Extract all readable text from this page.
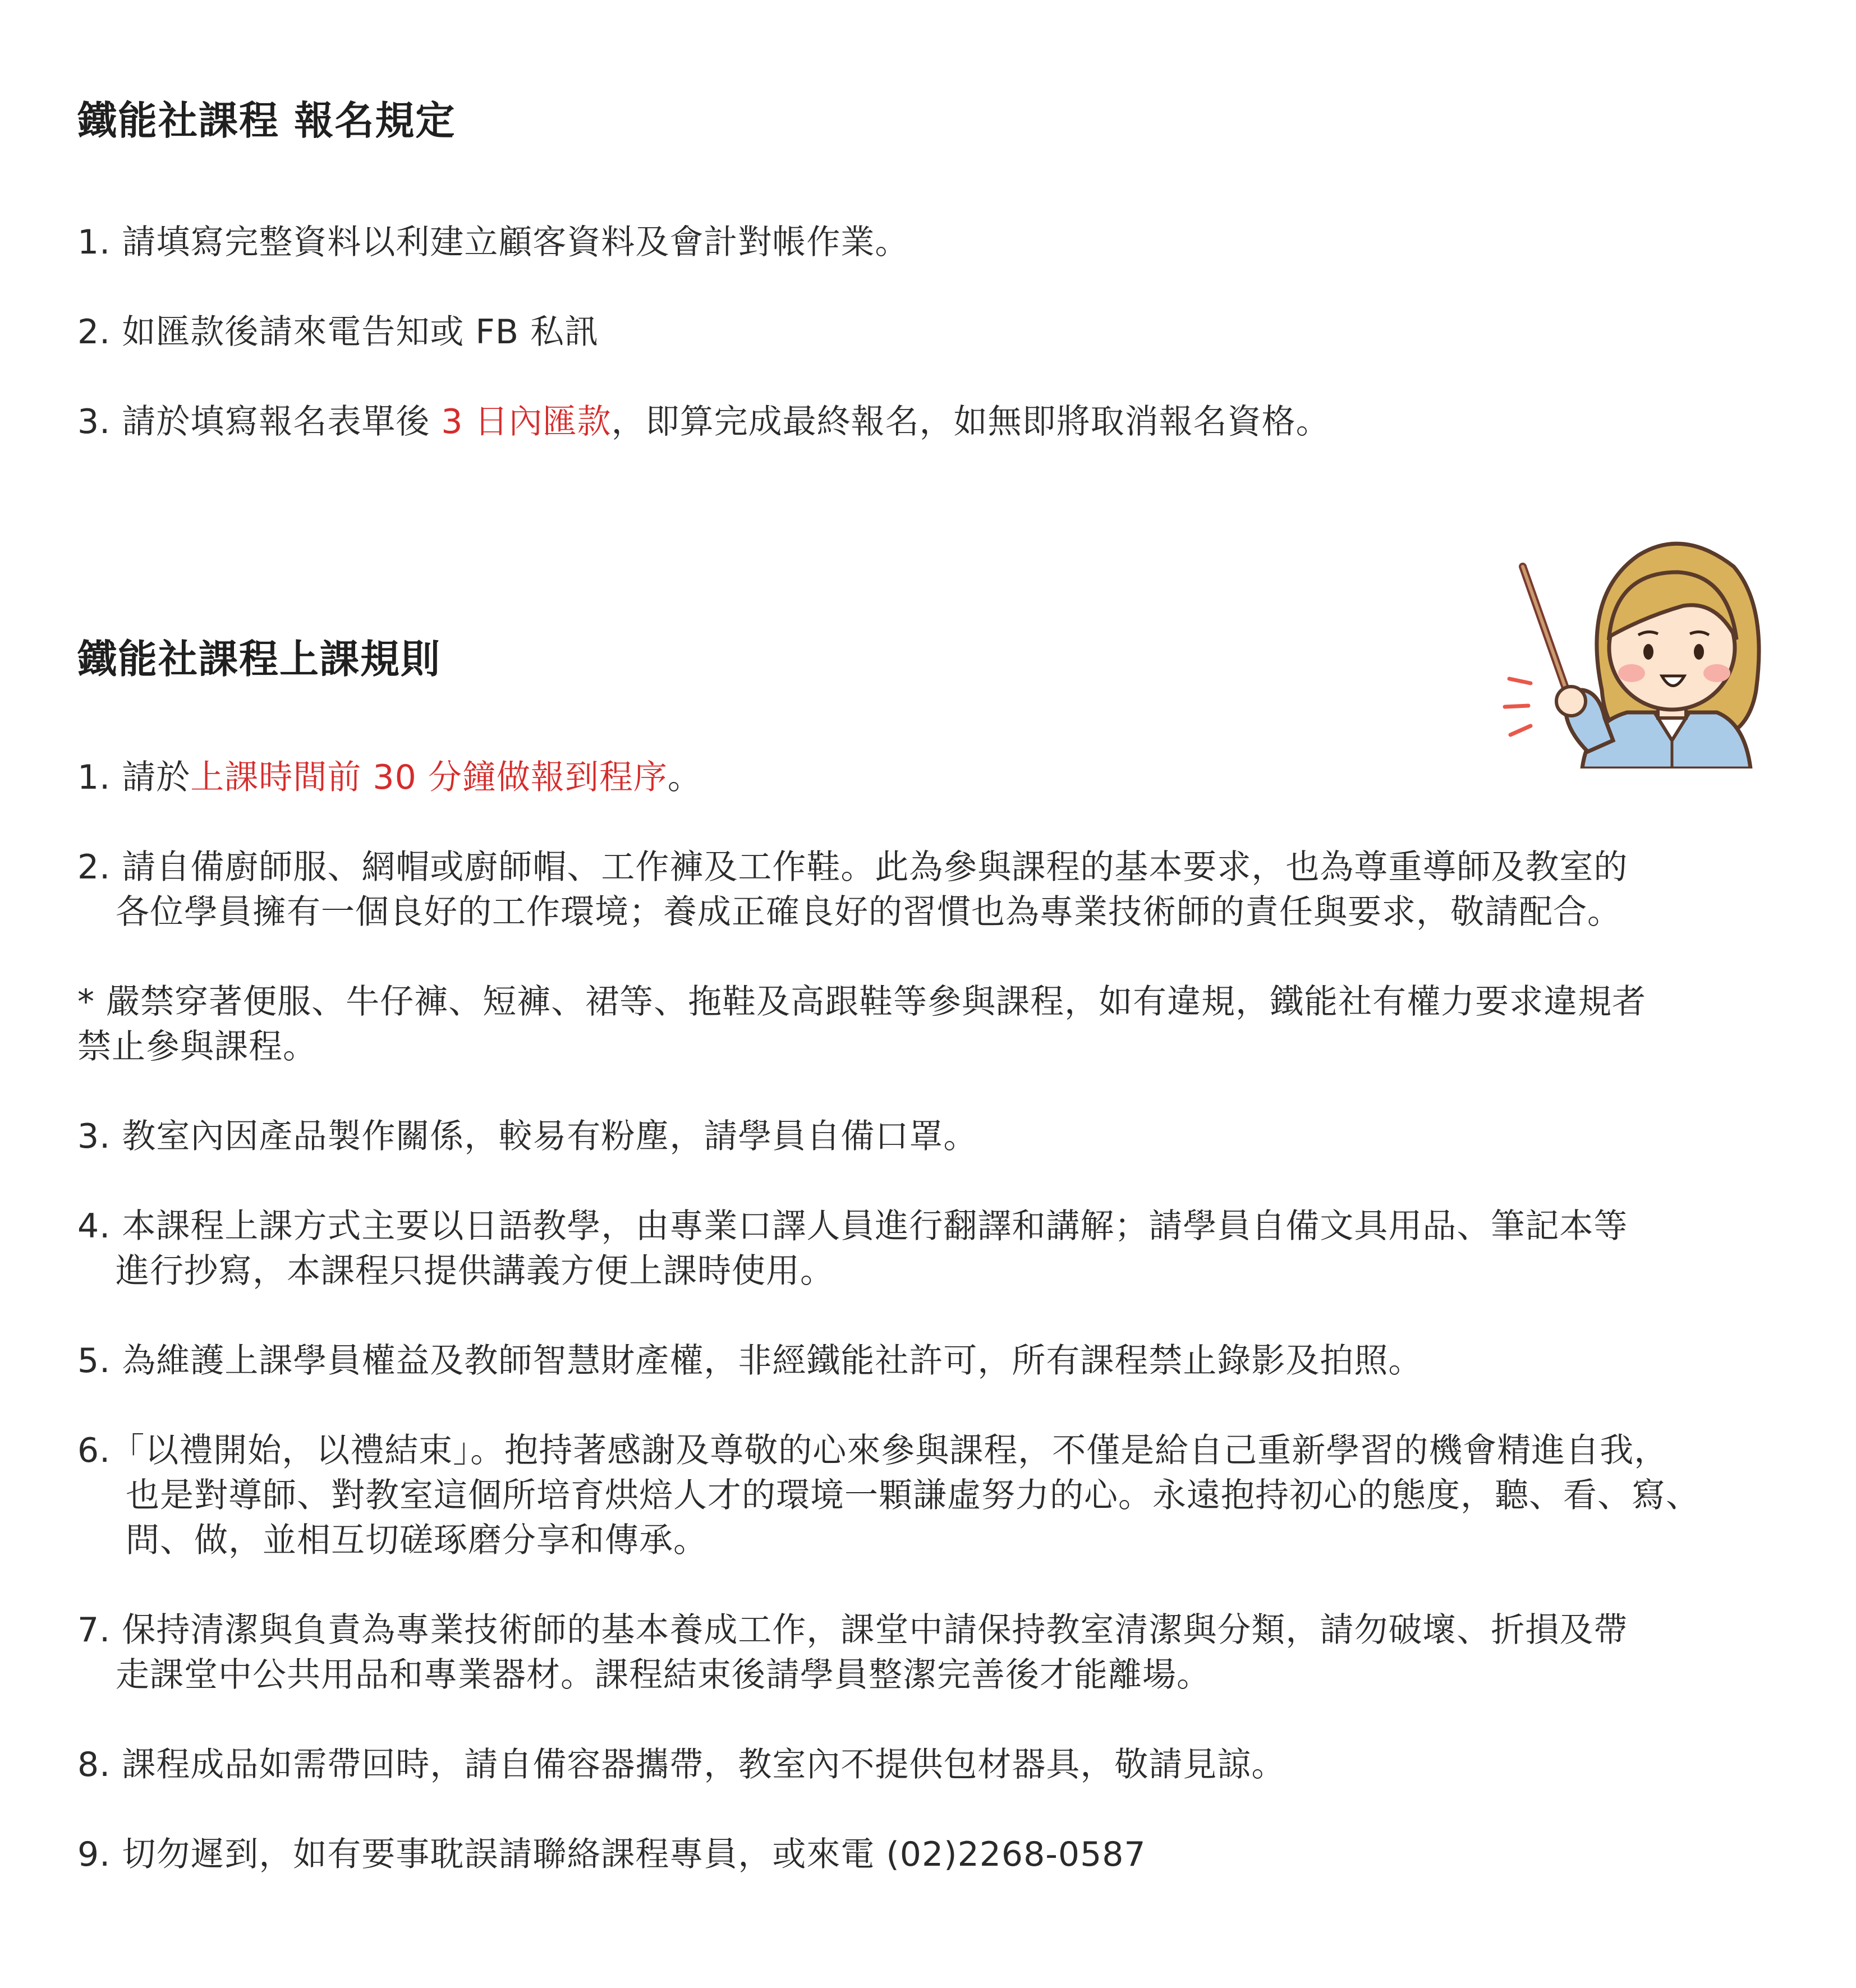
鐵能社課程 報名規定

1. 請填寫完整資料以利建立顧客資料及會計對帳作業。

2. 如匯款後請來電告知或 FB 私訊

3. 請於填寫報名表單後 3 日內匯款，即算完成最終報名，如無即將取消報名資格。

鐵能社課程上課規則

1. 請於上課時間前 30 分鐘做報到程序。

2. 請自備廚師服、網帽或廚師帽、工作褲及工作鞋。此為參與課程的基本要求，也為尊重導師及教室的

各位學員擁有一個良好的工作環境；養成正確良好的習慣也為專業技術師的責任與要求，敬請配合。

* 嚴禁穿著便服、牛仔褲、短褲、裙等、拖鞋及高跟鞋等參與課程，如有違規，鐵能社有權力要求違規者

禁止參與課程。

3. 教室內因產品製作關係，較易有粉塵，請學員自備口罩。

4. 本課程上課方式主要以日語教學，由專業口譯人員進行翻譯和講解；請學員自備文具用品、筆記本等

進行抄寫，本課程只提供講義方便上課時使用。

5. 為維護上課學員權益及教師智慧財產權，非經鐵能社許可，所有課程禁止錄影及拍照。

6.「以禮開始，以禮結束」。抱持著感謝及尊敬的心來參與課程，不僅是給自己重新學習的機會精進自我，

也是對導師、對教室這個所培育烘焙人才的環境一顆謙虛努力的心。永遠抱持初心的態度，聽、看、寫、

問、做，並相互切磋琢磨分享和傳承。

7. 保持清潔與負責為專業技術師的基本養成工作，課堂中請保持教室清潔與分類，請勿破壞、折損及帶

走課堂中公共用品和專業器材。課程結束後請學員整潔完善後才能離場。

8. 課程成品如需帶回時，請自備容器攜帶，教室內不提供包材器具，敬請見諒。

9. 切勿遲到，如有要事耽誤請聯絡課程專員，或來電 (02)2268-0587
